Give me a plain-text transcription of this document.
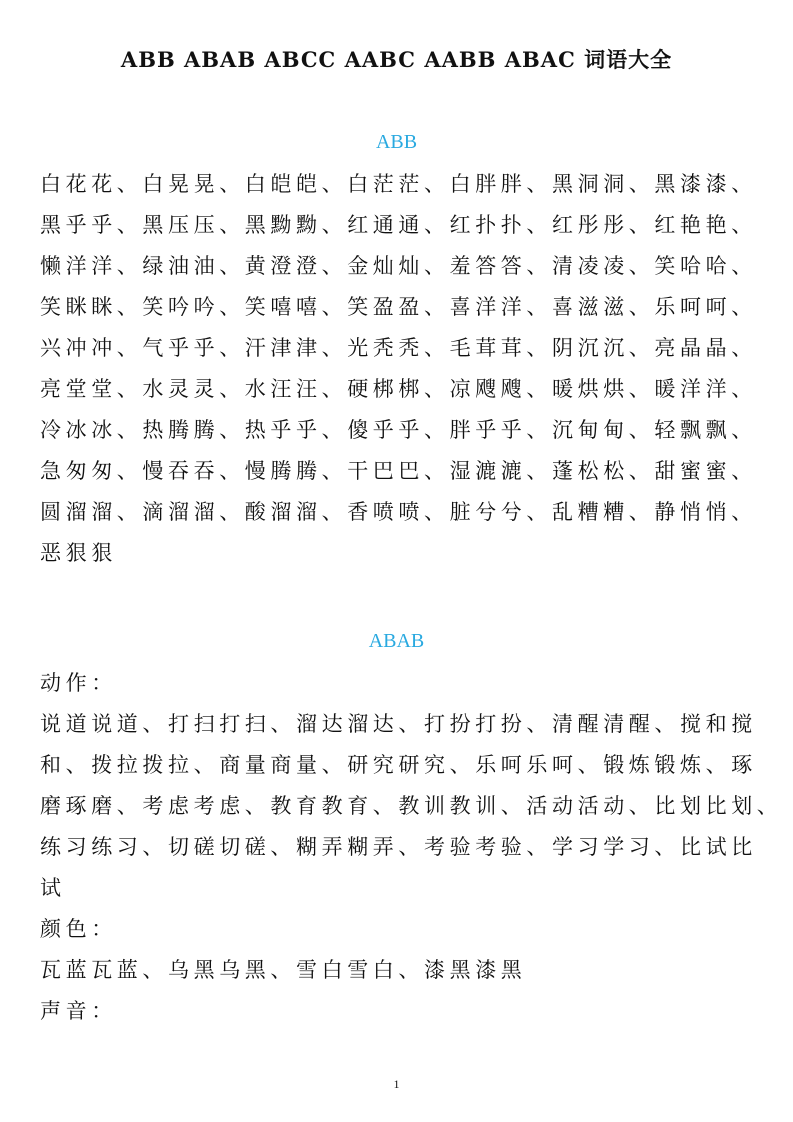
ABB ABAB ABCC AABC AABB ABAC 词语大全
ABB
白花花、白晃晃、白皑皑、白茫茫、白胖胖、黑洞洞、黑漆漆、
黑乎乎、黑压压、黑黝黝、红通通、红扑扑、红彤彤、红艳艳、
懒洋洋、绿油油、黄澄澄、金灿灿、羞答答、清凌凌、笑哈哈、
笑眯眯、笑吟吟、笑嘻嘻、笑盈盈、喜洋洋、喜滋滋、乐呵呵、
兴冲冲、气乎乎、汗津津、光秃秃、毛茸茸、阴沉沉、亮晶晶、
亮堂堂、水灵灵、水汪汪、硬梆梆、凉飕飕、暖烘烘、暖洋洋、
冷冰冰、热腾腾、热乎乎、傻乎乎、胖乎乎、沉甸甸、轻飘飘、
急匆匆、慢吞吞、慢腾腾、干巴巴、湿漉漉、蓬松松、甜蜜蜜、
圆溜溜、滴溜溜、酸溜溜、香喷喷、脏兮兮、乱糟糟、静悄悄、
恶狠狠
ABAB
动作：
说道说道、打扫打扫、溜达溜达、打扮打扮、清醒清醒、搅和搅
和、拨拉拨拉、商量商量、研究研究、乐呵乐呵、锻炼锻炼、琢
磨琢磨、考虑考虑、教育教育、教训教训、活动活动、比划比划、
练习练习、切磋切磋、糊弄糊弄、考验考验、学习学习、比试比
试
颜色：
瓦蓝瓦蓝、乌黑乌黑、雪白雪白、漆黑漆黑
声音：
1
